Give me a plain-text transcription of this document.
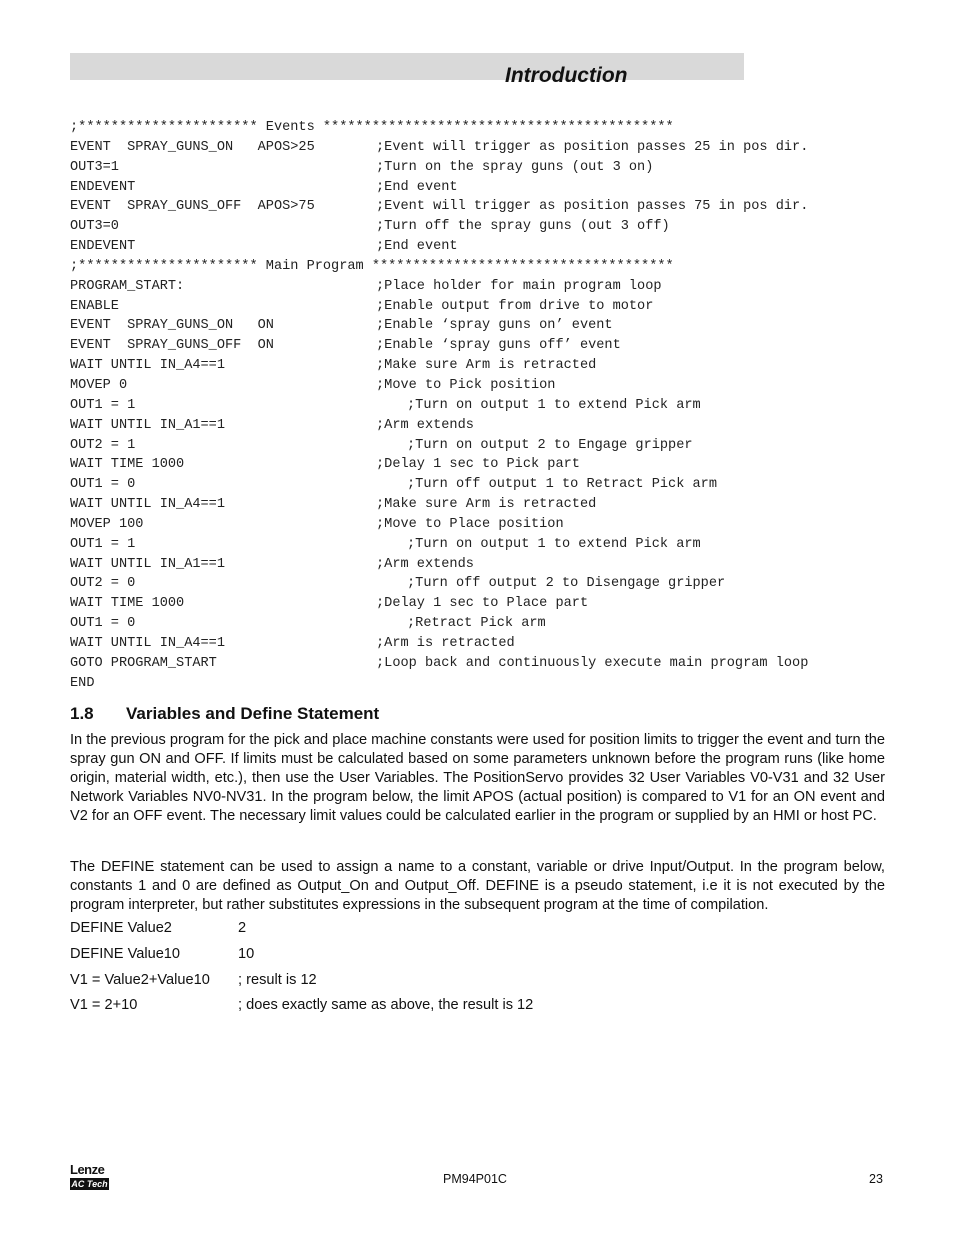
Introduction
;********************** Events *******************************************
EVENT  SPRAY_GUNS_ON   APOS>25	;Event will trigger as position passes 25 in pos dir.
OUT3=1	;Turn on the spray guns (out 3 on)
ENDEVENT	;End event
EVENT  SPRAY_GUNS_OFF  APOS>75	;Event will trigger as position passes 75 in pos dir.
OUT3=0	;Turn off the spray guns (out 3 off)
ENDEVENT	;End event
;********************** Main Program *************************************
PROGRAM_START:	;Place holder for main program loop
ENABLE	;Enable output from drive to motor
EVENT  SPRAY_GUNS_ON   ON	;Enable ‘spray guns on’ event
EVENT  SPRAY_GUNS_OFF  ON	;Enable ‘spray guns off’ event
WAIT UNTIL IN_A4==1	;Make sure Arm is retracted
MOVEP 0	;Move to Pick position
OUT1 = 1	;Turn on output 1 to extend Pick arm
WAIT UNTIL IN_A1==1	;Arm extends
OUT2 = 1	;Turn on output 2 to Engage gripper
WAIT TIME 1000	;Delay 1 sec to Pick part
OUT1 = 0	;Turn off output 1 to Retract Pick arm
WAIT UNTIL IN_A4==1	;Make sure Arm is retracted
MOVEP 100	;Move to Place position
OUT1 = 1	;Turn on output 1 to extend Pick arm
WAIT UNTIL IN_A1==1	;Arm extends
OUT2 = 0	;Turn off output 2 to Disengage gripper
WAIT TIME 1000	;Delay 1 sec to Place part
OUT1 = 0	;Retract Pick arm
WAIT UNTIL IN_A4==1	;Arm is retracted
GOTO PROGRAM_START	;Loop back and continuously execute main program loop
END
1.8 Variables and Define Statement

In the previous program for the pick and place machine constants were used for position limits to trigger the event and turn the spray gun ON and OFF. If limits must be calculated based on some parameters unknown before the program runs (like home origin, material width, etc.), then use the User Variables. The PositionServo provides 32 User Variables V0-V31 and 32 User Network Variables NV0-NV31. In the program below, the limit APOS (actual position) is compared to V1 for an ON event and V2 for an OFF event. The necessary limit values could be calculated earlier in the program or supplied by an HMI or host PC.

The DEFINE statement can be used to assign a name to a constant, variable or drive Input/Output. In the program below, constants 1 and 0 are defined as Output_On and Output_Off. DEFINE is a pseudo statement, i.e it is not executed by the program interpreter, but rather substitutes expressions in the subsequent program at the time of compilation.

DEFINE Value2	2
DEFINE Value10	10
V1 = Value2+Value10 ; result is 12
V1 = 2+10	; does exactly same as above, the result is 12
Lenze
AC Tech	PM94P01C	23
